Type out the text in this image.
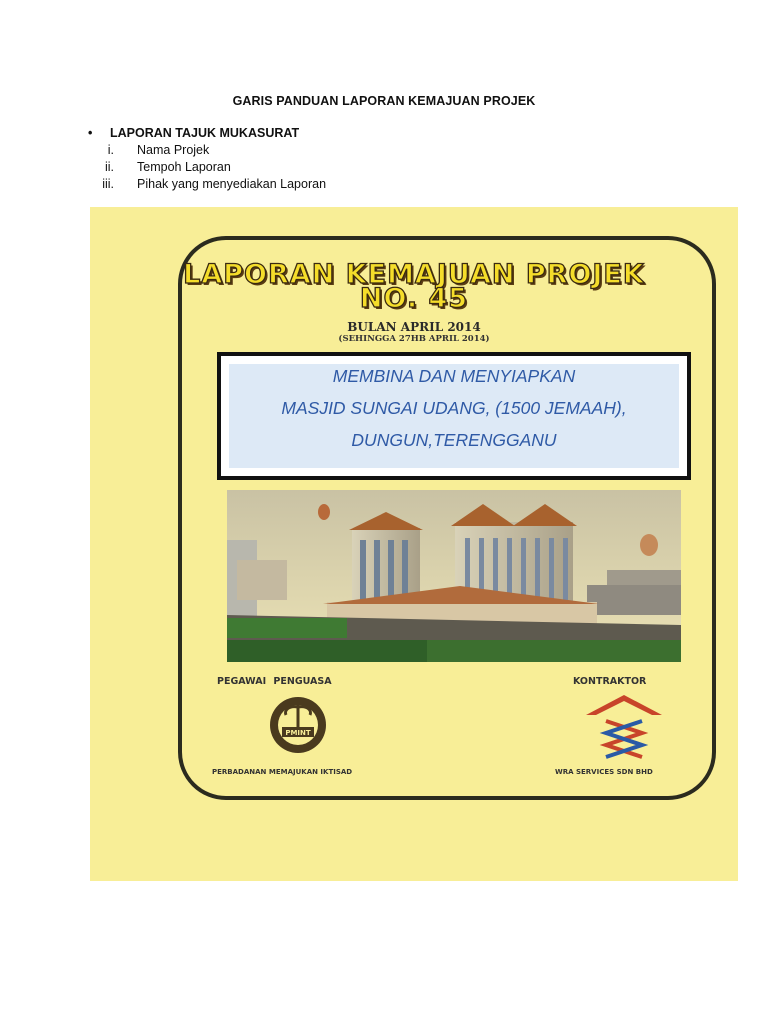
GARIS PANDUAN LAPORAN KEMAJUAN PROJEK
• LAPORAN TAJUK MUKASURAT
i. Nama Projek
ii. Tempoh Laporan
iii. Pihak yang menyediakan Laporan
LAPORAN KEMAJUAN PROJEK
NO. 45
BULAN APRIL 2014
(SEHINGGA 27HB APRIL 2014)
MEMBINA DAN MENYIAPKAN
MASJID SUNGAI UDANG, (1500 JEMAAH),
DUNGUN,TERENGGANU
PEGAWAI PENGUASA	KONTRAKTOR
PMINT
PERBADANAN MEMAJUKAN IKTISAD	WRA SERVICES SDN BHD
